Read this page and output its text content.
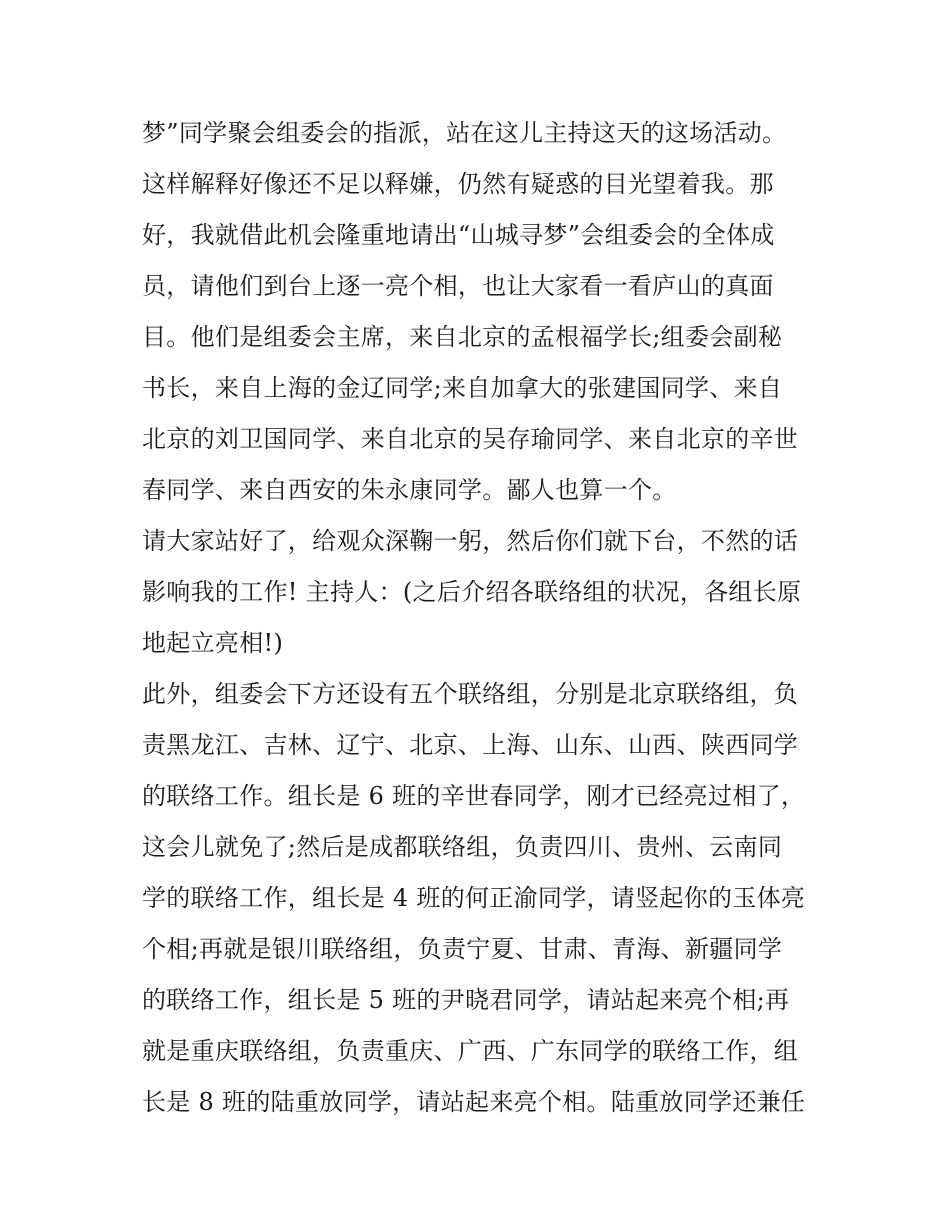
梦”同学聚会组委会的指派，站在这儿主持这天的这场活动。
这样解释好像还不足以释嫌，仍然有疑惑的目光望着我。那
好，我就借此机会隆重地请出“山城寻梦”会组委会的全体成
员，请他们到台上逐一亮个相，也让大家看一看庐山的真面
目。他们是组委会主席，来自北京的孟根福学长;组委会副秘
书长，来自上海的金辽同学;来自加拿大的张建国同学、来自
北京的刘卫国同学、来自北京的吴存瑜同学、来自北京的辛世
春同学、来自西安的朱永康同学。鄙人也算一个。
请大家站好了，给观众深鞠一躬，然后你们就下台，不然的话
影响我的工作! 主持人：(之后介绍各联络组的状况，各组长原
地起立亮相!)
此外，组委会下方还设有五个联络组，分别是北京联络组，负
责黑龙江、吉林、辽宁、北京、上海、山东、山西、陕西同学
的联络工作。组长是 6 班的辛世春同学，刚才已经亮过相了，
这会儿就免了;然后是成都联络组，负责四川、贵州、云南同
学的联络工作，组长是 4 班的何正渝同学，请竖起你的玉体亮
个相;再就是银川联络组，负责宁夏、甘肃、青海、新疆同学
的联络工作，组长是 5 班的尹晓君同学，请站起来亮个相;再
就是重庆联络组，负责重庆、广西、广东同学的联络工作，组
长是 8 班的陆重放同学，请站起来亮个相。陆重放同学还兼任
